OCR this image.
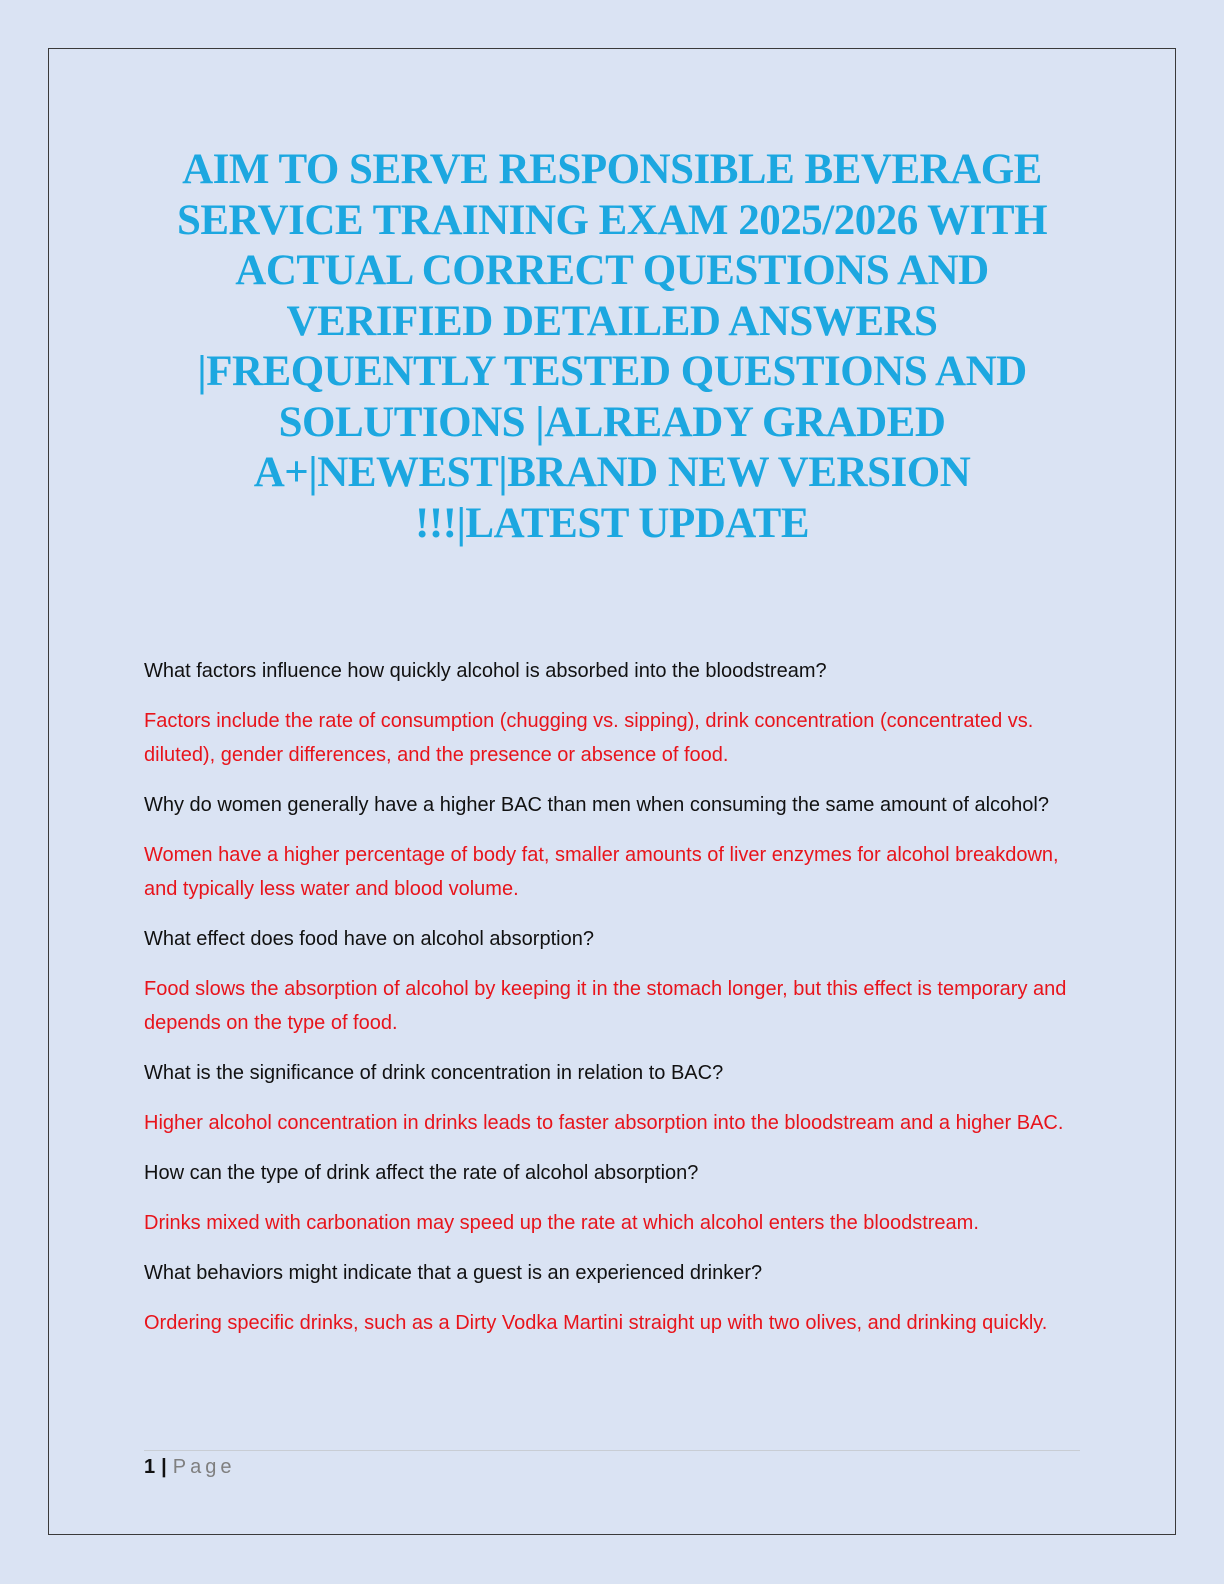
AIM TO SERVE RESPONSIBLE BEVERAGE SERVICE TRAINING EXAM 2025/2026 WITH ACTUAL CORRECT QUESTIONS AND VERIFIED DETAILED ANSWERS |FREQUENTLY TESTED QUESTIONS AND SOLUTIONS |ALREADY GRADED A+|NEWEST|BRAND NEW VERSION !!!|LATEST UPDATE

What factors influence how quickly alcohol is absorbed into the bloodstream?

Factors include the rate of consumption (chugging vs. sipping), drink concentration (concentrated vs. diluted), gender differences, and the presence or absence of food.

Why do women generally have a higher BAC than men when consuming the same amount of alcohol?

Women have a higher percentage of body fat, smaller amounts of liver enzymes for alcohol breakdown, and typically less water and blood volume.

What effect does food have on alcohol absorption?

Food slows the absorption of alcohol by keeping it in the stomach longer, but this effect is temporary and depends on the type of food.

What is the significance of drink concentration in relation to BAC?

Higher alcohol concentration in drinks leads to faster absorption into the bloodstream and a higher BAC.

How can the type of drink affect the rate of alcohol absorption?

Drinks mixed with carbonation may speed up the rate at which alcohol enters the bloodstream.

What behaviors might indicate that a guest is an experienced drinker?

Ordering specific drinks, such as a Dirty Vodka Martini straight up with two olives, and drinking quickly.

1 | Page
